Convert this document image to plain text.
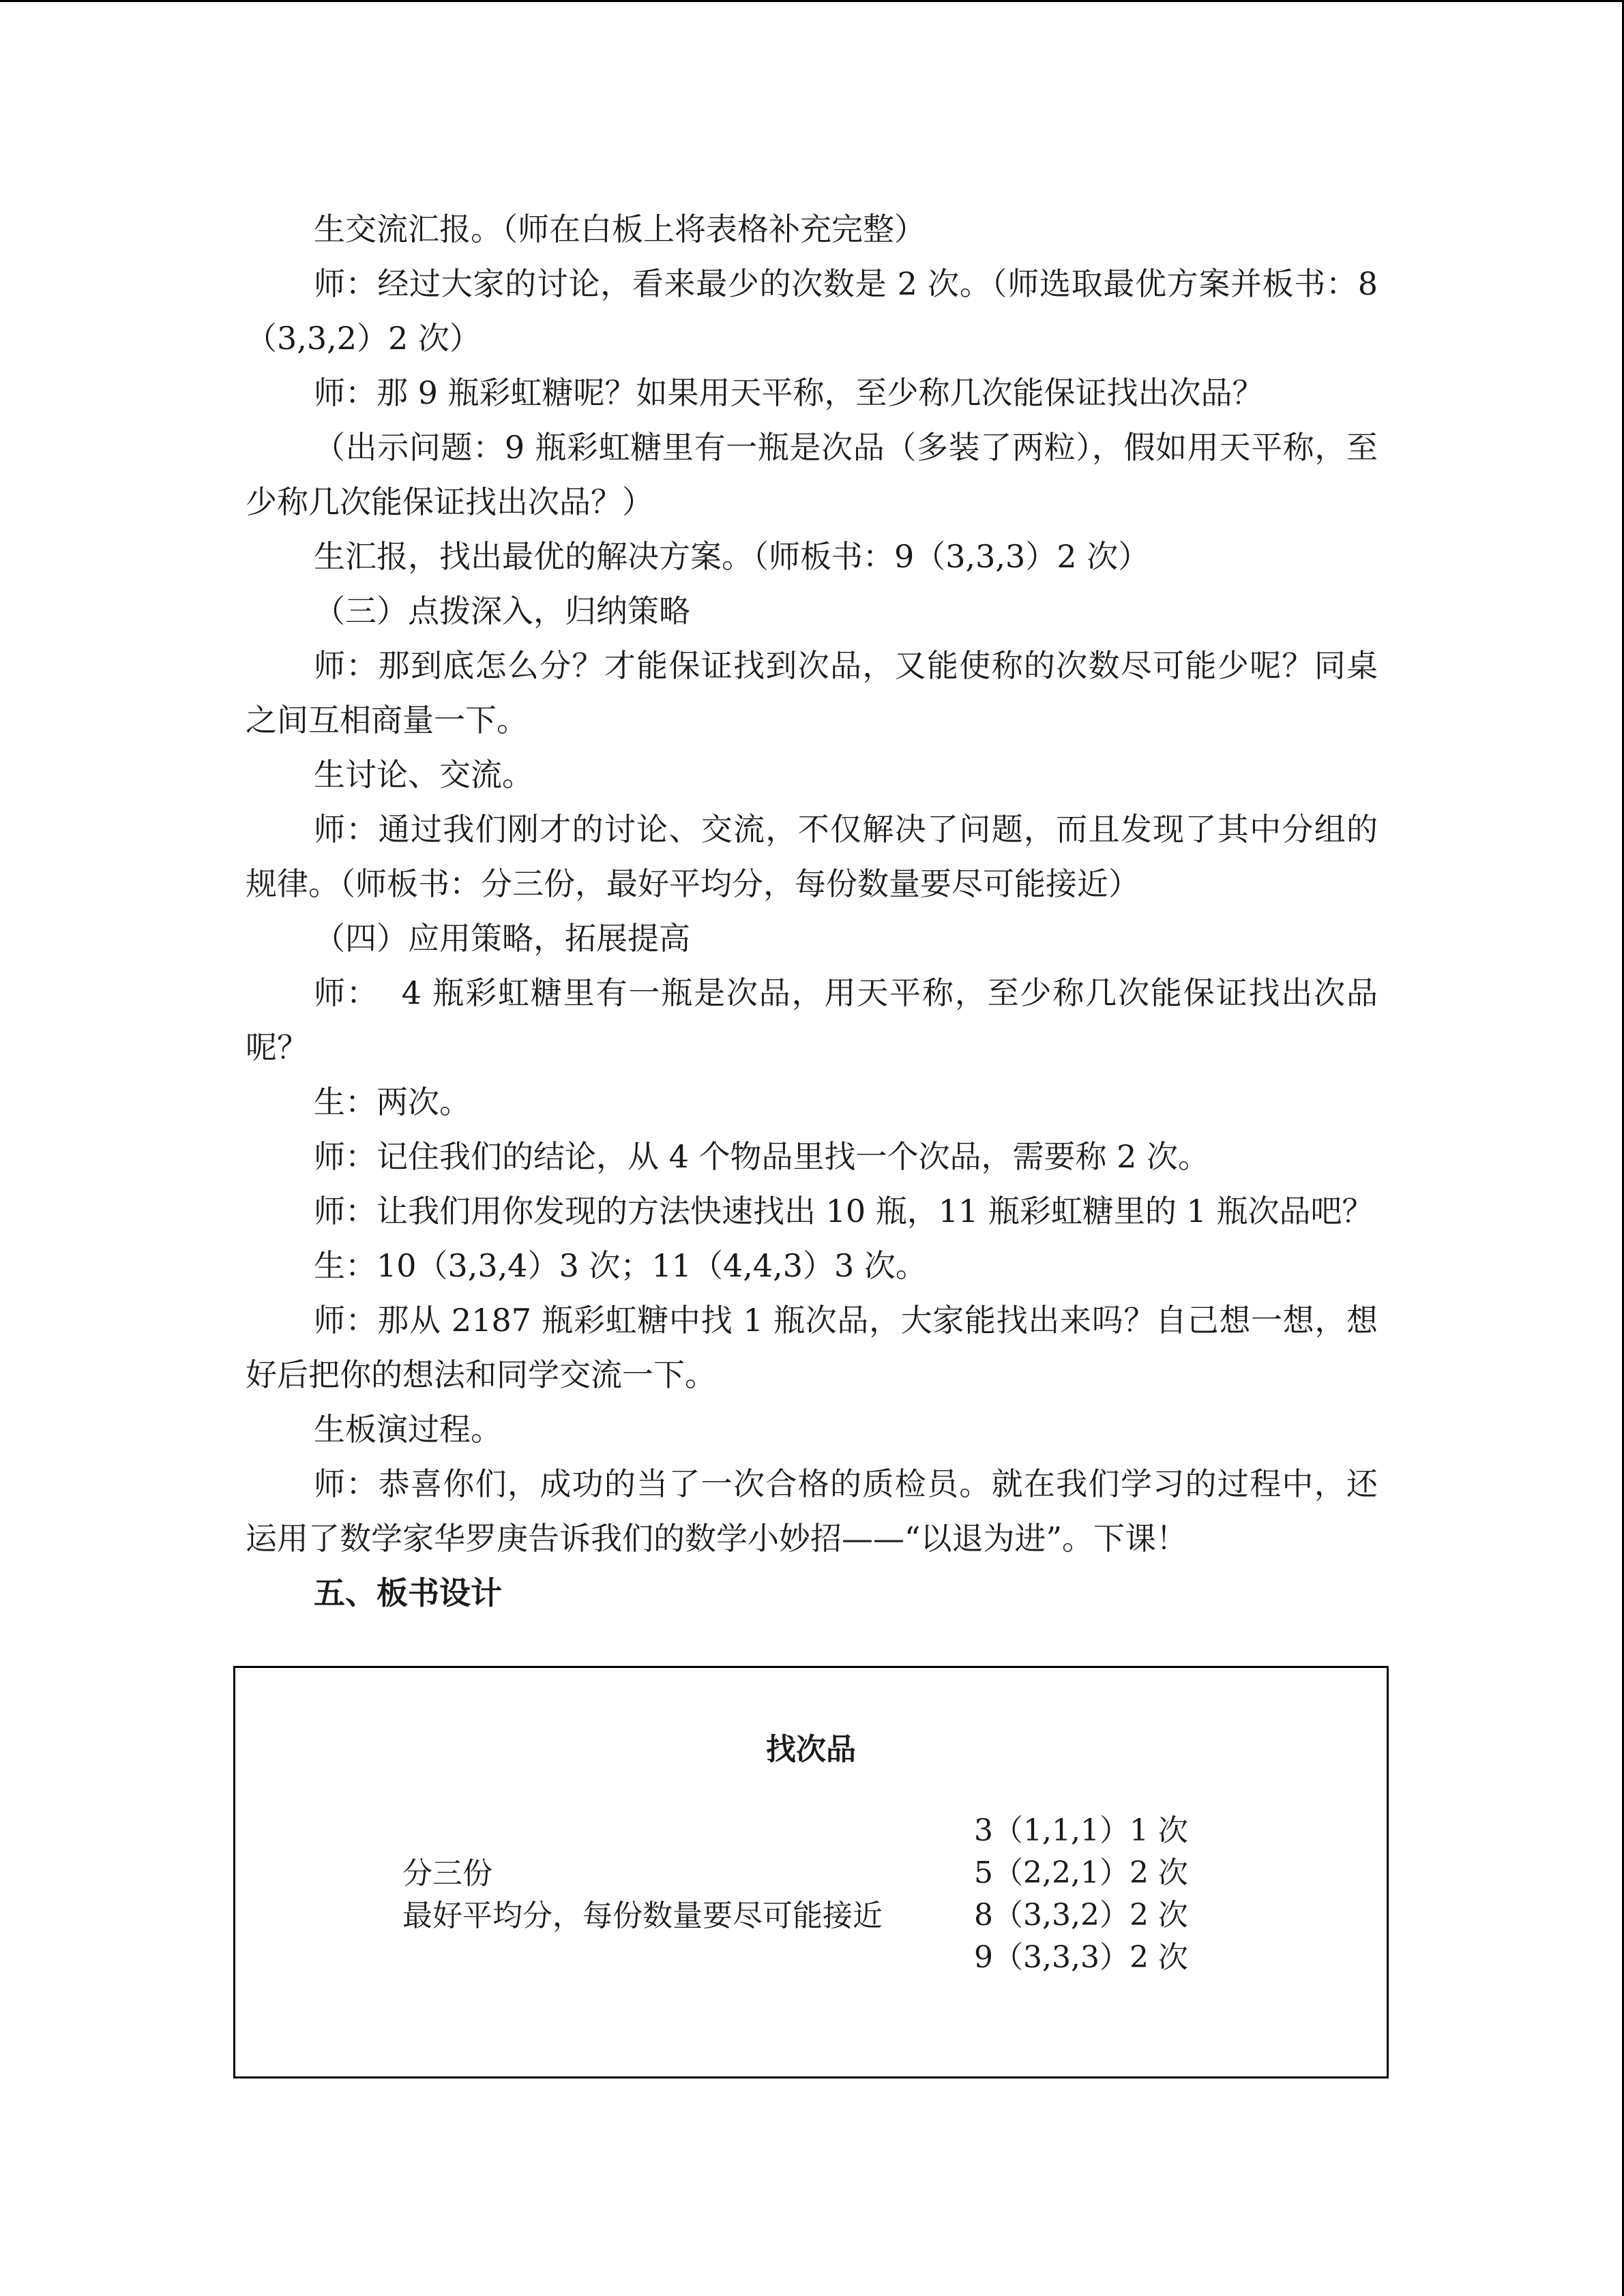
生交流汇报。（师在白板上将表格补充完整）

师：经过大家的讨论，看来最少的次数是 2 次。（师选取最优方案并板书：8（3,3,2）2 次）

师：那 9 瓶彩虹糖呢？如果用天平称，至少称几次能保证找出次品？

（出示问题：9 瓶彩虹糖里有一瓶是次品（多装了两粒），假如用天平称，至少称几次能保证找出次品？）

生汇报，找出最优的解决方案。（师板书：9（3,3,3）2 次）

（三）点拨深入，归纳策略

师：那到底怎么分？才能保证找到次品，又能使称的次数尽可能少呢？同桌之间互相商量一下。

生讨论、交流。

师：通过我们刚才的讨论、交流，不仅解决了问题，而且发现了其中分组的规律。（师板书：分三份，最好平均分，每份数量要尽可能接近）

（四）应用策略，拓展提高

师：  4 瓶彩虹糖里有一瓶是次品，用天平称，至少称几次能保证找出次品呢？

生：两次。

师：记住我们的结论，从 4 个物品里找一个次品，需要称 2 次。

师：让我们用你发现的方法快速找出 10 瓶，11 瓶彩虹糖里的 1 瓶次品吧？

生：10（3,3,4）3 次；11（4,4,3）3 次。

师：那从 2187 瓶彩虹糖中找 1 瓶次品，大家能找出来吗？自己想一想，想好后把你的想法和同学交流一下。

生板演过程。

师：恭喜你们，成功的当了一次合格的质检员。就在我们学习的过程中，还运用了数学家华罗庚告诉我们的数学小妙招——“以退为进”。下课！

五、板书设计

找次品
分三份
最好平均分，每份数量要尽可能接近
3（1,1,1）1 次
5（2,2,1）2 次
8（3,3,2）2 次
9（3,3,3）2 次
